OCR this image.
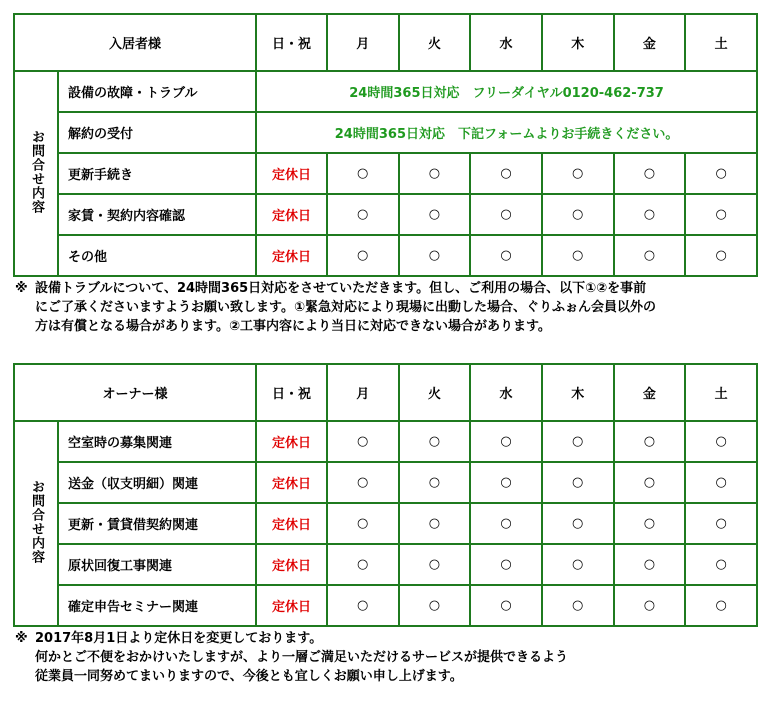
入居者様		日・祝	月	火	水	木	金	土
お問合せ内容	設備の故障・トラブル	24時間365日対応　フリーダイヤル0120-462-737						
	解約の受付	24時間365日対応　下記フォームよりお手続きください。						
	更新手続き	定休日	○	○	○	○	○	○
	家賃・契約内容確認	定休日	○	○	○	○	○	○
	その他	定休日	○	○	○	○	○	○
※ 設備トラブルについて、24時間365日対応をさせていただきます。但し、ご利用の場合、以下①②を事前
にご了承くださいますようお願い致します。①緊急対応により現場に出動した場合、ぐりふぉん会員以外の
方は有償となる場合があります。②工事内容により当日に対応できない場合があります。
オーナー様		日・祝	月	火	水	木	金	土
お問合せ内容	空室時の募集関連	定休日	○	○	○	○	○	○
	送金（収支明細）関連	定休日	○	○	○	○	○	○
	更新・賃貸借契約関連	定休日	○	○	○	○	○	○
	原状回復工事関連	定休日	○	○	○	○	○	○
	確定申告セミナー関連	定休日	○	○	○	○	○	○
※ 2017年8月1日より定休日を変更しております。
何かとご不便をおかけいたしますが、より一層ご満足いただけるサービスが提供できるよう
従業員一同努めてまいりますので、今後とも宜しくお願い申し上げます。
